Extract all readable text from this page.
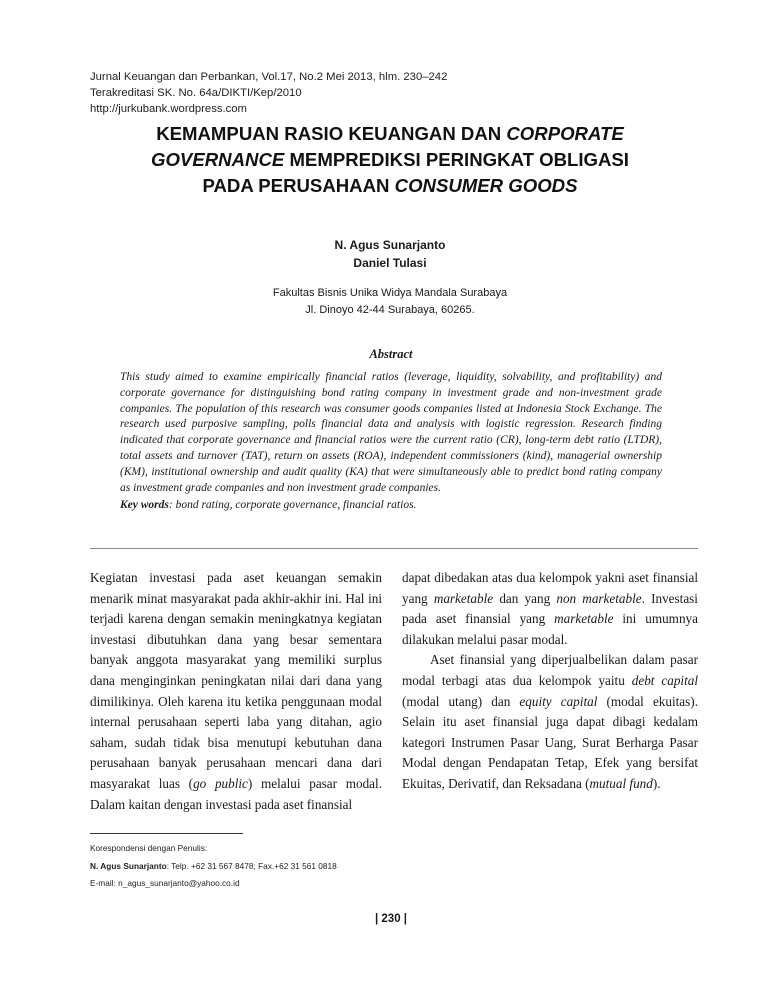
Jurnal Keuangan dan Perbankan, Vol.17, No.2 Mei 2013, hlm. 230–242
Terakreditasi SK. No. 64a/DIKTI/Kep/2010
http://jurkubank.wordpress.com
KEMAMPUAN RASIO KEUANGAN DAN CORPORATE
GOVERNANCE MEMPREDIKSI PERINGKAT OBLIGASI
PADA PERUSAHAAN CONSUMER GOODS
N. Agus Sunarjanto
Daniel Tulasi
Fakultas Bisnis Unika Widya Mandala Surabaya
Jl. Dinoyo 42-44 Surabaya, 60265.
Abstract
This study aimed to examine empirically financial ratios (leverage, liquidity, solvability, and profitability) and corporate governance for distinguishing bond rating company in investment grade and non-investment grade companies. The population of this research was consumer goods companies listed at Indonesia Stock Exchange. The research used purposive sampling, polls financial data and analysis with logistic regression. Research finding indicated that corporate governance and financial ratios were the current ratio (CR), long-term debt ratio (LTDR), total assets and turnover (TAT), return on assets (ROA), independent commissioners (kind), managerial ownership (KM), institutional ownership and audit quality (KA) that were simultaneously able to predict bond rating company as investment grade companies and non investment grade companies.
Key words: bond rating, corporate governance, financial ratios.

Kegiatan investasi pada aset keuangan semakin menarik minat masyarakat pada akhir-akhir ini. Hal ini terjadi karena dengan semakin meningkatnya kegiatan investasi dibutuhkan dana yang besar sementara banyak anggota masyarakat yang memiliki surplus dana menginginkan peningkatan nilai dari dana yang dimilikinya. Oleh karena itu ketika penggunaan modal internal perusahaan seperti laba yang ditahan, agio saham, sudah tidak bisa menutupi kebutuhan dana perusahaan banyak perusahaan mencari dana dari masyarakat luas (go public) melalui pasar modal. Dalam kaitan dengan investasi pada aset finansial

dapat dibedakan atas dua kelompok yakni aset finansial yang marketable dan yang non marketable. Investasi pada aset finansial yang marketable ini umumnya dilakukan melalui pasar modal.

Aset finansial yang diperjualbelikan dalam pasar modal terbagi atas dua kelompok yaitu debt capital (modal utang) dan equity capital (modal ekuitas). Selain itu aset finansial juga dapat dibagi kedalam kategori Instrumen Pasar Uang, Surat Berharga Pasar Modal dengan Pendapatan Tetap, Efek yang bersifat Ekuitas, Derivatif, dan Reksadana (mutual fund).

Korespondensi dengan Penulis:
N. Agus Sunarjanto: Telp. +62 31 567 8478; Fax.+62 31 561 0818
E-mail: n_agus_sunarjanto@yahoo.co.id
| 230 |
